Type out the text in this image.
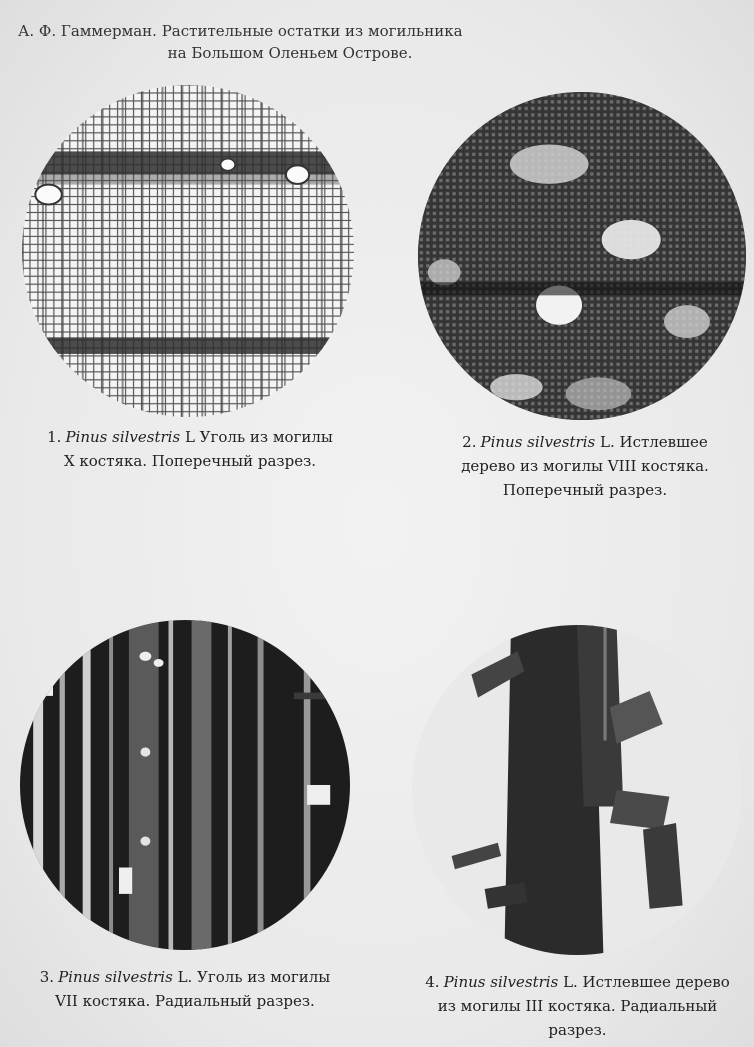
А. Ф. Гаммерман. Растительные остатки из могильника
на Большом Оленьем Острове.
1. Pinus silvestris L Уголь из могилы
X костяка. Поперечный разрез.
2. Pinus silvestris L. Истлевшее
дерево из могилы VIII костяка.
Поперечный разрез.
3. Pinus silvestris L. Уголь из могилы
VII костяка. Радиальный разрез.
4. Pinus silvestris L. Истлевшее дерево
из могилы III костяка. Радиальный
разрез.
